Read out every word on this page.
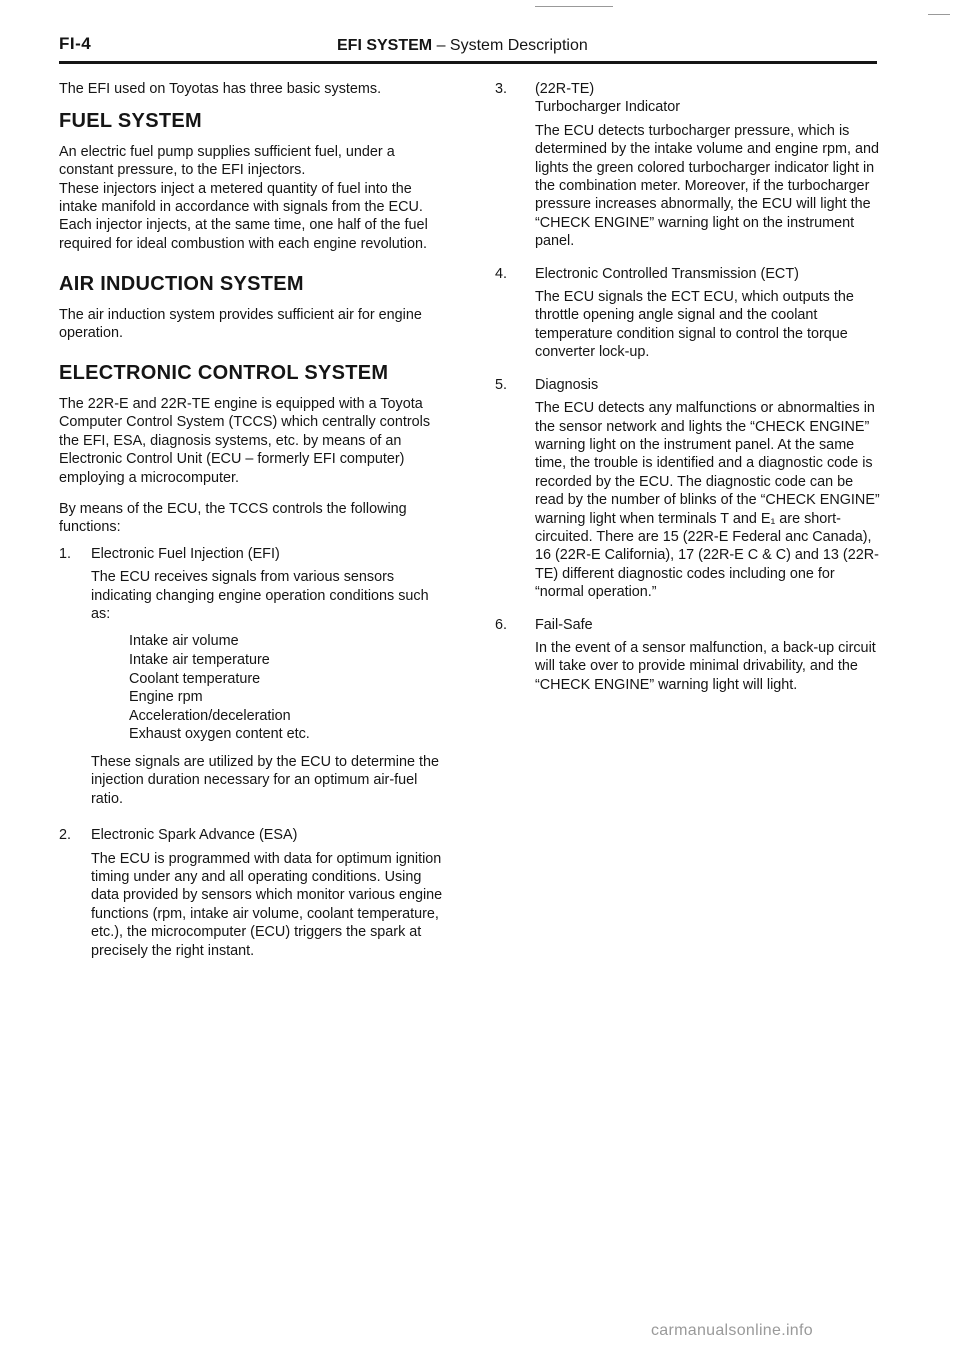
FI-4	EFI SYSTEM – System Description

The EFI used on Toyotas has three basic systems.

FUEL SYSTEM

An electric fuel pump supplies sufficient fuel, under a constant pressure, to the EFI injectors.

These injectors inject a metered quantity of fuel into the intake manifold in accordance with signals from the ECU. Each injector injects, at the same time, one half of the fuel required for ideal combustion with each engine revolution.

AIR INDUCTION SYSTEM

The air induction system provides sufficient air for engine operation.

ELECTRONIC CONTROL SYSTEM

The 22R-E and 22R-TE engine is equipped with a Toyota Computer Control System (TCCS) which centrally controls the EFI, ESA, diagnosis systems, etc. by means of an Electronic Control Unit (ECU – formerly EFI computer) employing a microcomputer.

By means of the ECU, the TCCS controls the following functions:

1. Electronic Fuel Injection (EFI)

The ECU receives signals from various sensors indicating changing engine operation conditions such as:

Intake air volume
Intake air temperature
Coolant temperature
Engine rpm
Acceleration/deceleration
Exhaust oxygen content etc.

These signals are utilized by the ECU to determine the injection duration necessary for an optimum air-fuel ratio.

2. Electronic Spark Advance (ESA)

The ECU is programmed with data for optimum ignition timing under any and all operating conditions. Using data provided by sensors which monitor various engine functions (rpm, intake air volume, coolant temperature, etc.), the microcomputer (ECU) triggers the spark at precisely the right instant.

3. (22R-TE)

Turbocharger Indicator

The ECU detects turbocharger pressure, which is determined by the intake volume and engine rpm, and lights the green colored turbocharger indicator light in the combination meter. Moreover, if the turbocharger pressure increases abnormally, the ECU will light the “CHECK ENGINE” warning light on the instrument panel.

4. Electronic Controlled Transmission (ECT)

The ECU signals the ECT ECU, which outputs the throttle opening angle signal and the coolant temperature condition signal to control the torque converter lock-up.

5. Diagnosis

The ECU detects any malfunctions or abnormalties in the sensor network and lights the “CHECK ENGINE” warning light on the instrument panel. At the same time, the trouble is identified and a diagnostic code is recorded by the ECU. The diagnostic code can be read by the number of blinks of the “CHECK ENGINE” warning light when terminals T and E₁ are short-circuited. There are 15 (22R-E Federal anc Canada), 16 (22R-E California), 17 (22R-E C & C) and 13 (22R-TE) different diagnostic codes including one for “normal operation.”

6. Fail-Safe

In the event of a sensor malfunction, a back-up circuit will take over to provide minimal drivability, and the “CHECK ENGINE” warning light will light.

carmanualsonline.info
